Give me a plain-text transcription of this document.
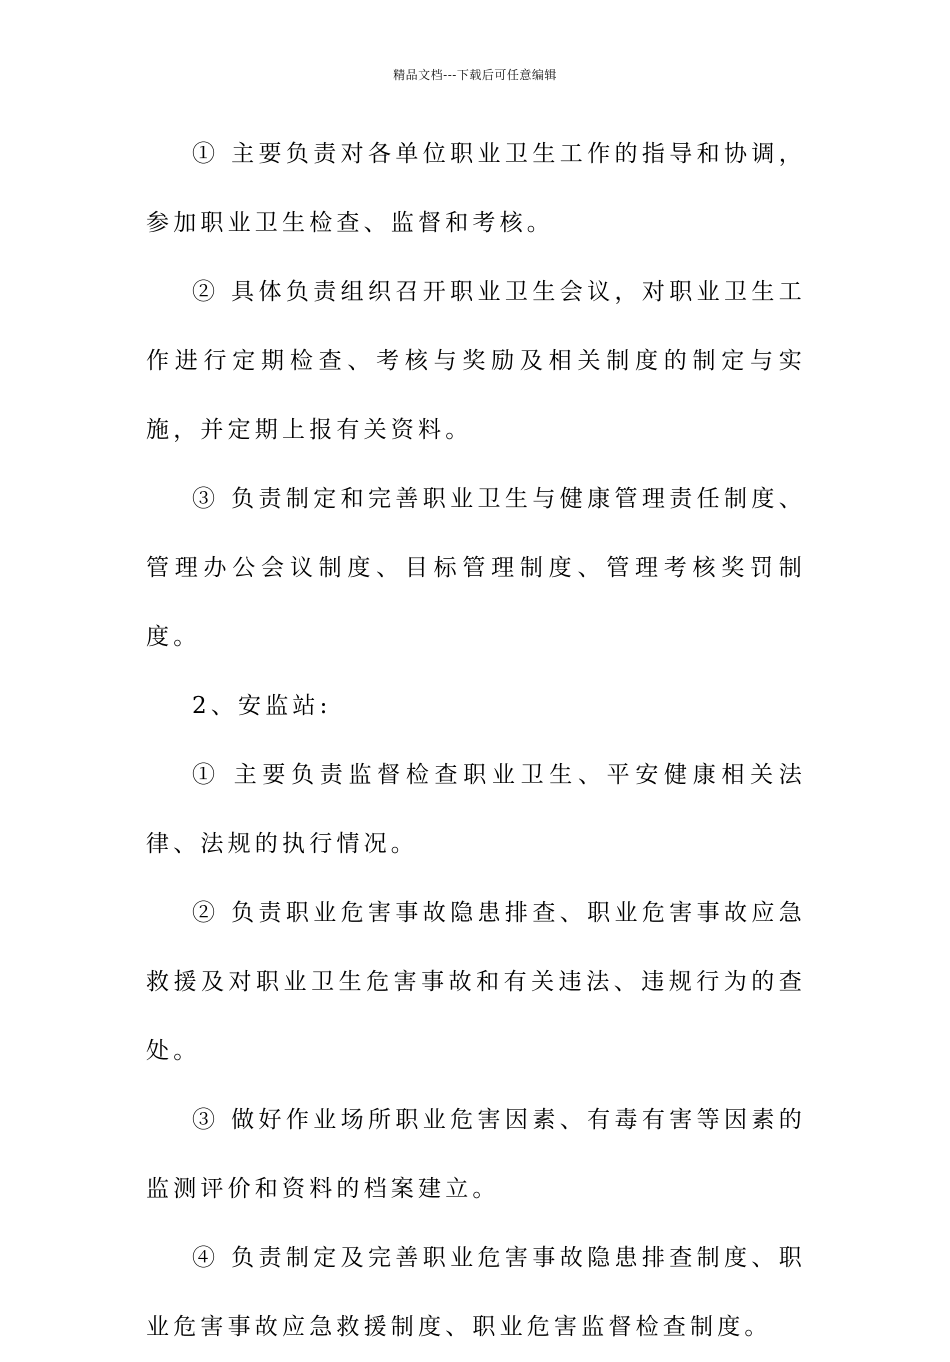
精品文档---下载后可任意编辑

① 主要负责对各单位职业卫生工作的指导和协调，参加职业卫生检查、监督和考核。

② 具体负责组织召开职业卫生会议，对职业卫生工作进行定期检查、考核与奖励及相关制度的制定与实施，并定期上报有关资料。

③ 负责制定和完善职业卫生与健康管理责任制度、管理办公会议制度、目标管理制度、管理考核奖罚制度。

2、安监站:

① 主要负责监督检查职业卫生、平安健康相关法律、法规的执行情况。

② 负责职业危害事故隐患排查、职业危害事故应急救援及对职业卫生危害事故和有关违法、违规行为的查处。

③ 做好作业场所职业危害因素、有毒有害等因素的监测评价和资料的档案建立。

④ 负责制定及完善职业危害事故隐患排查制度、职业危害事故应急救援制度、职业危害监督检查制度。
